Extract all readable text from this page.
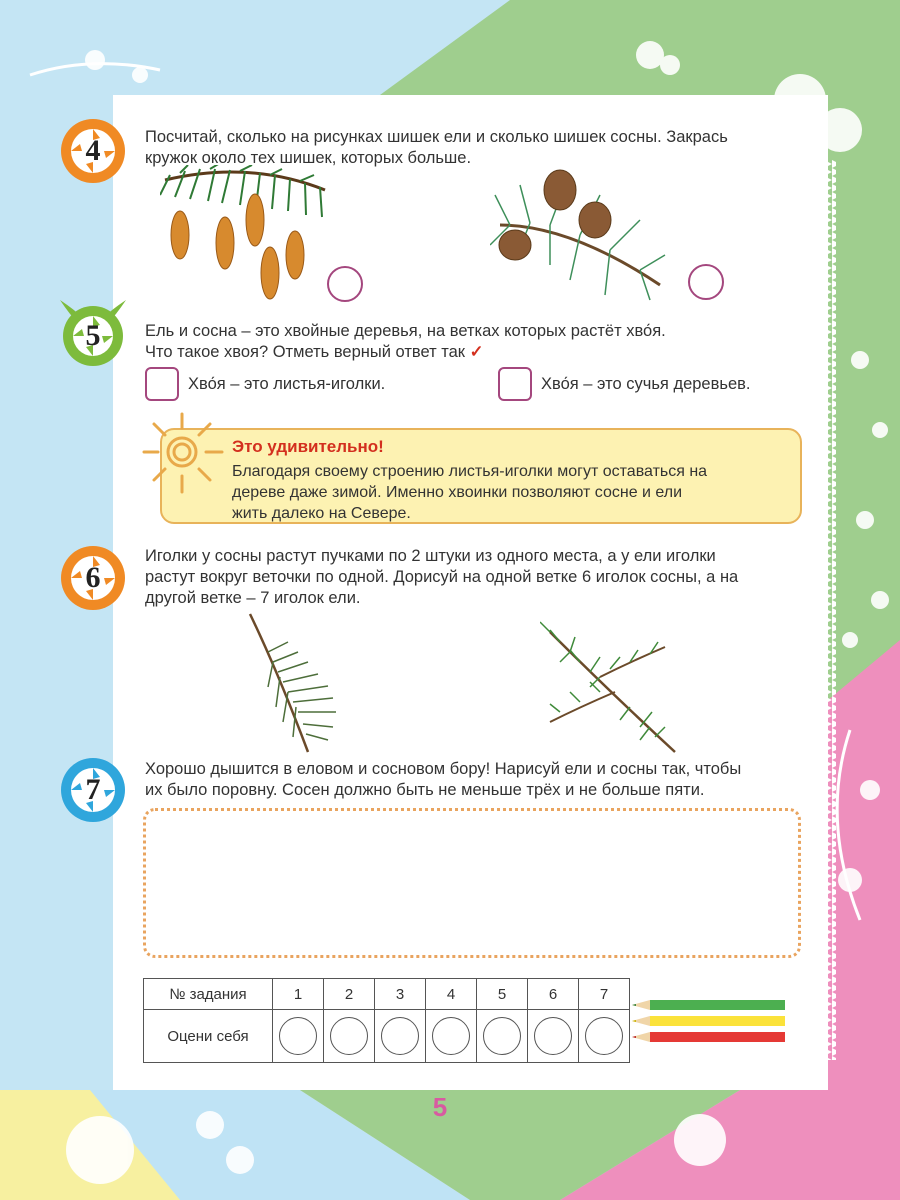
4	Посчитай, сколько на рисунках шишек ели и сколько шишек сосны. Закрась
кружок около тех шишек, которых больше.
5	Ель и сосна – это хвойные деревья, на ветках которых растёт хво́я.
Что такое хвоя? Отметь верный ответ так ✓
Хво́я – это листья-иголки.	Хво́я – это сучья деревьев.
Это удивительно!
Благодаря своему строению листья-иголки могут оставаться на
дереве даже зимой. Именно хвоинки позволяют сосне и ели
жить далеко на Севере.
6
Иголки у сосны растут пучками по 2 штуки из одного места, а у ели иголки
растут вокруг веточки по одной. Дорисуй на одной ветке 6 иголок сосны, а на
другой ветке – 7 иголок ели.
7
Хорошо дышится в еловом и сосновом бору! Нарисуй ели и сосны так, чтобы
их было поровну. Сосен должно быть не меньше трёх и не больше пяти.
№ задания	1	2	3	4	5	6	7
Оцени себя							
5
